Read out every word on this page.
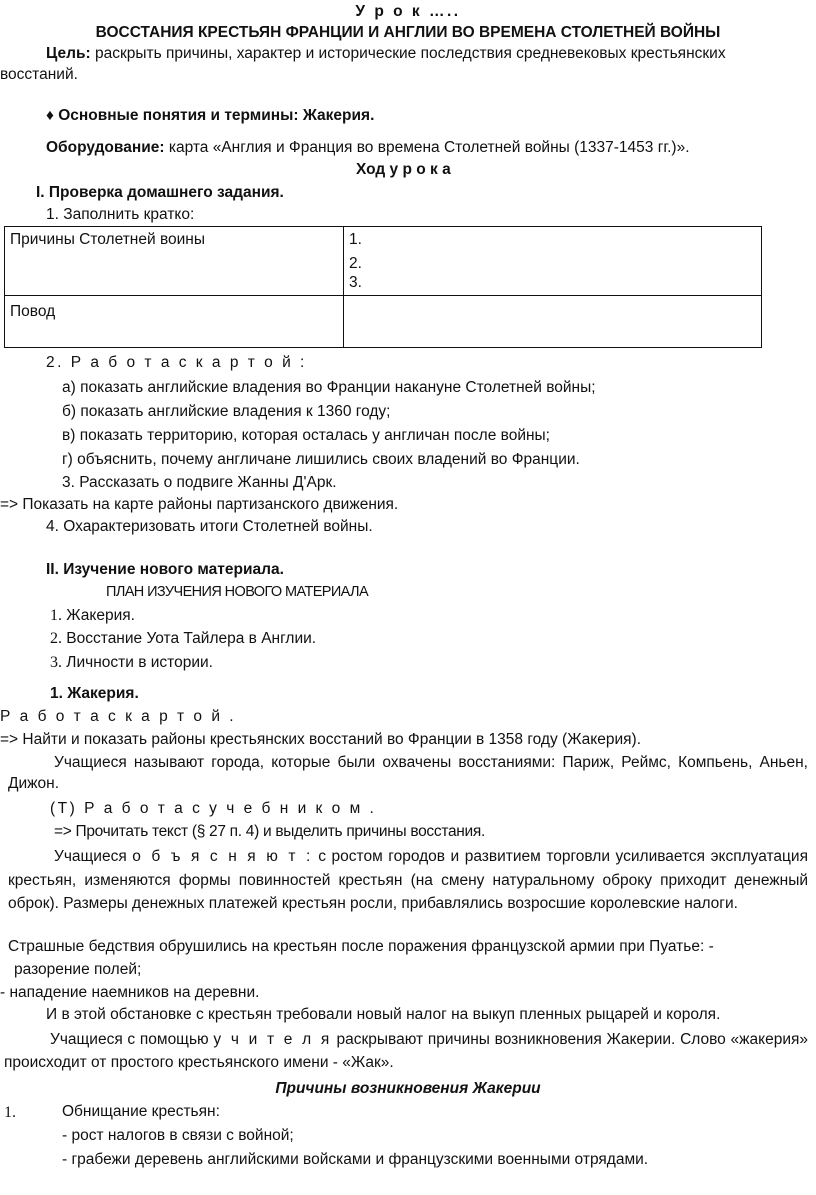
У р о к …..
ВОССТАНИЯ КРЕСТЬЯН ФРАНЦИИ И АНГЛИИ ВО ВРЕМЕНА СТОЛЕТНЕЙ ВОЙНЫ
Цель: раскрыть причины, характер и исторические последствия средневековых крестьянских восстаний.
♦ Основные понятия и термины: Жакерия.
Оборудование: карта «Англия и Франция во времена Столетней войны (1337-1453 гг.)».
Ход у р о к а
I. Проверка домашнего задания.
1. Заполнить кратко:
Причины Столетней воины	1.
2.
3.

Повод	
2. Р а б о т а с к а р т о й :
а) показать английские владения во Франции накануне Столетней войны;
б) показать английские владения к 1360 году;
в) показать территорию, которая осталась у англичан после войны;
г) объяснить, почему англичане лишились своих владений во Франции.
3. Рассказать о подвиге Жанны Д'Арк.
=> Показать на карте районы партизанского движения.
4. Охарактеризовать итоги Столетней войны.
II. Изучение нового материала.
ПЛАН ИЗУЧЕНИЯ НОВОГО МАТЕРИАЛА
1. Жакерия.
2. Восстание Уота Тайлера в Англии.
3. Личности в истории.
1. Жакерия.
Р а б о т а с к а р т о й .
=> Найти и показать районы крестьянских восстаний во Франции в 1358 году (Жакерия).
Учащиеся называют города, которые были охвачены восстаниями: Париж, Реймс, Компьень, Аньен, Дижон.
(Т) Р а б о т а с у ч е б н и к о м .
=> Прочитать текст (§ 27 п. 4) и выделить причины восстания.
Учащиеся о б ъ я с н я ю т : с ростом городов и развитием торговли усиливается эксплуатация крестьян, изменяются формы повинностей крестьян (на смену натуральному оброку приходит денежный оброк). Размеры денежных платежей крестьян росли, прибавлялись возросшие королевские налоги.
Страшные бедствия обрушились на крестьян после поражения французской армии при Пуатье: -
разорение полей;
- нападение наемников на деревни.
И в этой обстановке с крестьян требовали новый налог на выкуп пленных рыцарей и короля.
Учащиеся с помощью у ч и т е л я раскрывают причины возникновения Жакерии. Слово «жакерия» происходит от простого крестьянского имени - «Жак».
Причины возникновения Жакерии
1.	Обнищание крестьян:
- рост налогов в связи с войной;
- грабежи деревень английскими войсками и французскими военными отрядами.
